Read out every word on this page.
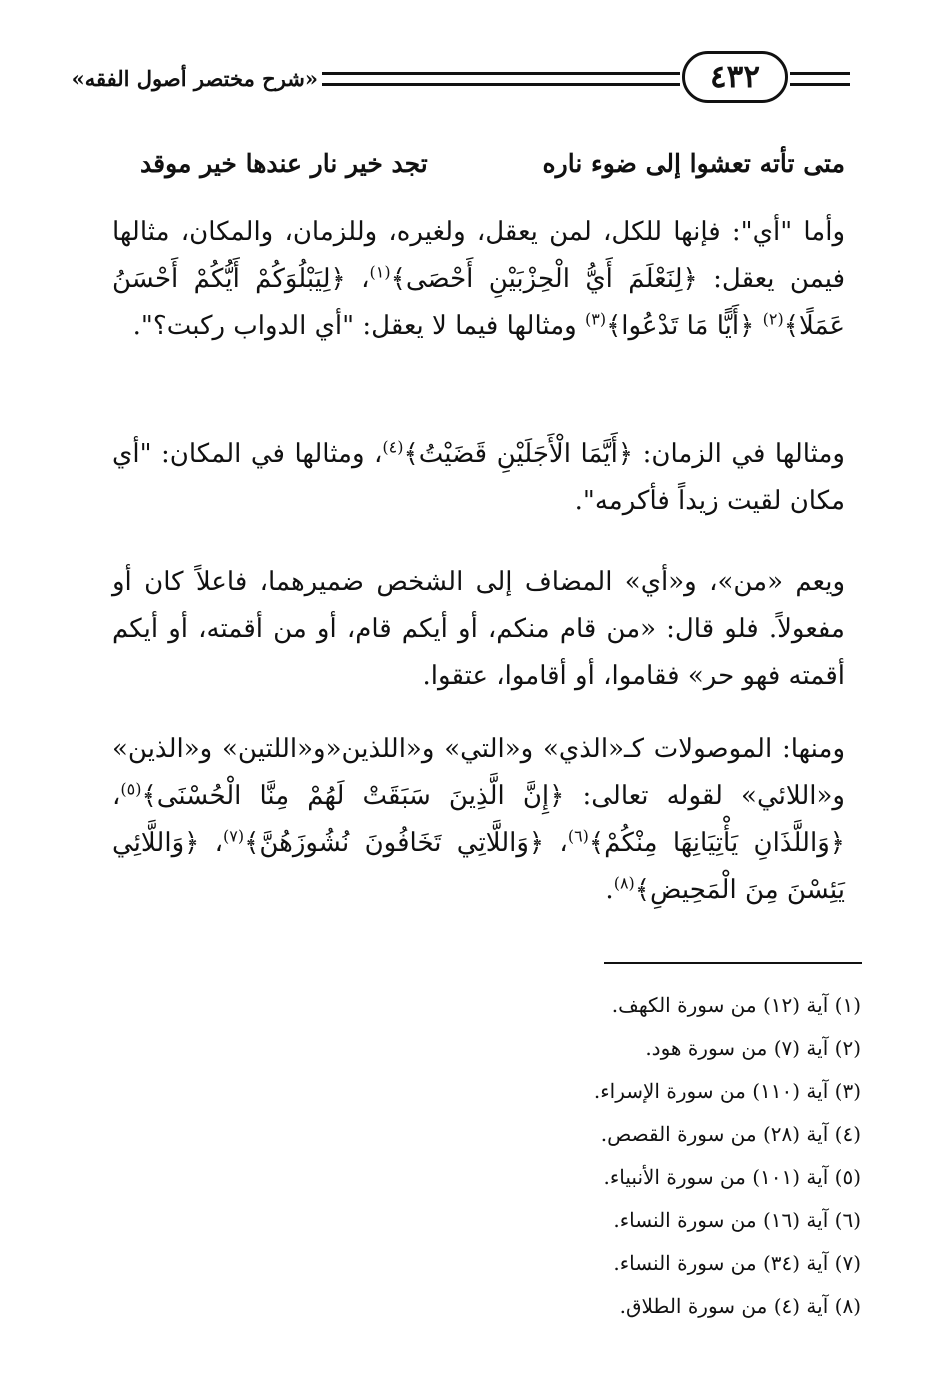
«شرح مختصر أصول الفقه»	٤٣٢
متى تأته تعشوا إلى ضوء ناره
تجد خير نار عندها خير موقد
وأما "أي": فإنها للكل، لمن يعقل، ولغيره، وللزمان، والمكان، مثالها فيمن يعقل: ﴿لِنَعْلَمَ أَيُّ الْحِزْبَيْنِ أَحْصَى﴾$^{(١)}$، ﴿لِيَبْلُوَكُمْ أَيُّكُمْ أَحْسَنُ عَمَلًا﴾$^{(٢)}$ ﴿أَيًّا مَا تَدْعُوا﴾$^{(٣)}$ ومثالها فيما لا يعقل: "أي الدواب ركبت؟".
ومثالها في الزمان: ﴿أَيَّمَا الْأَجَلَيْنِ قَضَيْتُ﴾$^{(٤)}$، ومثالها في المكان: "أي مكان لقيت زيداً فأكرمه".
ويعم «من»، و«أي» المضاف إلى الشخص ضميرهما، فاعلاً كان أو مفعولاً. فلو قال: «من قام منكم، أو أيكم قام، أو من أقمته، أو أيكم أقمته فهو حر» فقاموا، أو أقاموا، عتقوا.
ومنها: الموصولات كـ«الذي» و«التي» و«اللذين«و«اللتين» و«الذين» و«اللائي» لقوله تعالى: ﴿إِنَّ الَّذِينَ سَبَقَتْ لَهُمْ مِنَّا الْحُسْنَى﴾$^{(٥)}$، ﴿وَاللَّذَانِ يَأْتِيَانِهَا مِنْكُمْ﴾$^{(٦)}$، ﴿وَاللَّاتِي تَخَافُونَ نُشُوزَهُنَّ﴾$^{(٧)}$، ﴿وَاللَّائِي يَئِسْنَ مِنَ الْمَحِيضِ﴾$^{(٨)}$.
(١) آية (١٢) من سورة الكهف.
(٢) آية (٧) من سورة هود.
(٣) آية (١١٠) من سورة الإسراء.
(٤) آية (٢٨) من سورة القصص.
(٥) آية (١٠١) من سورة الأنبياء.
(٦) آية (١٦) من سورة النساء.
(٧) آية (٣٤) من سورة النساء.
(٨) آية (٤) من سورة الطلاق.
